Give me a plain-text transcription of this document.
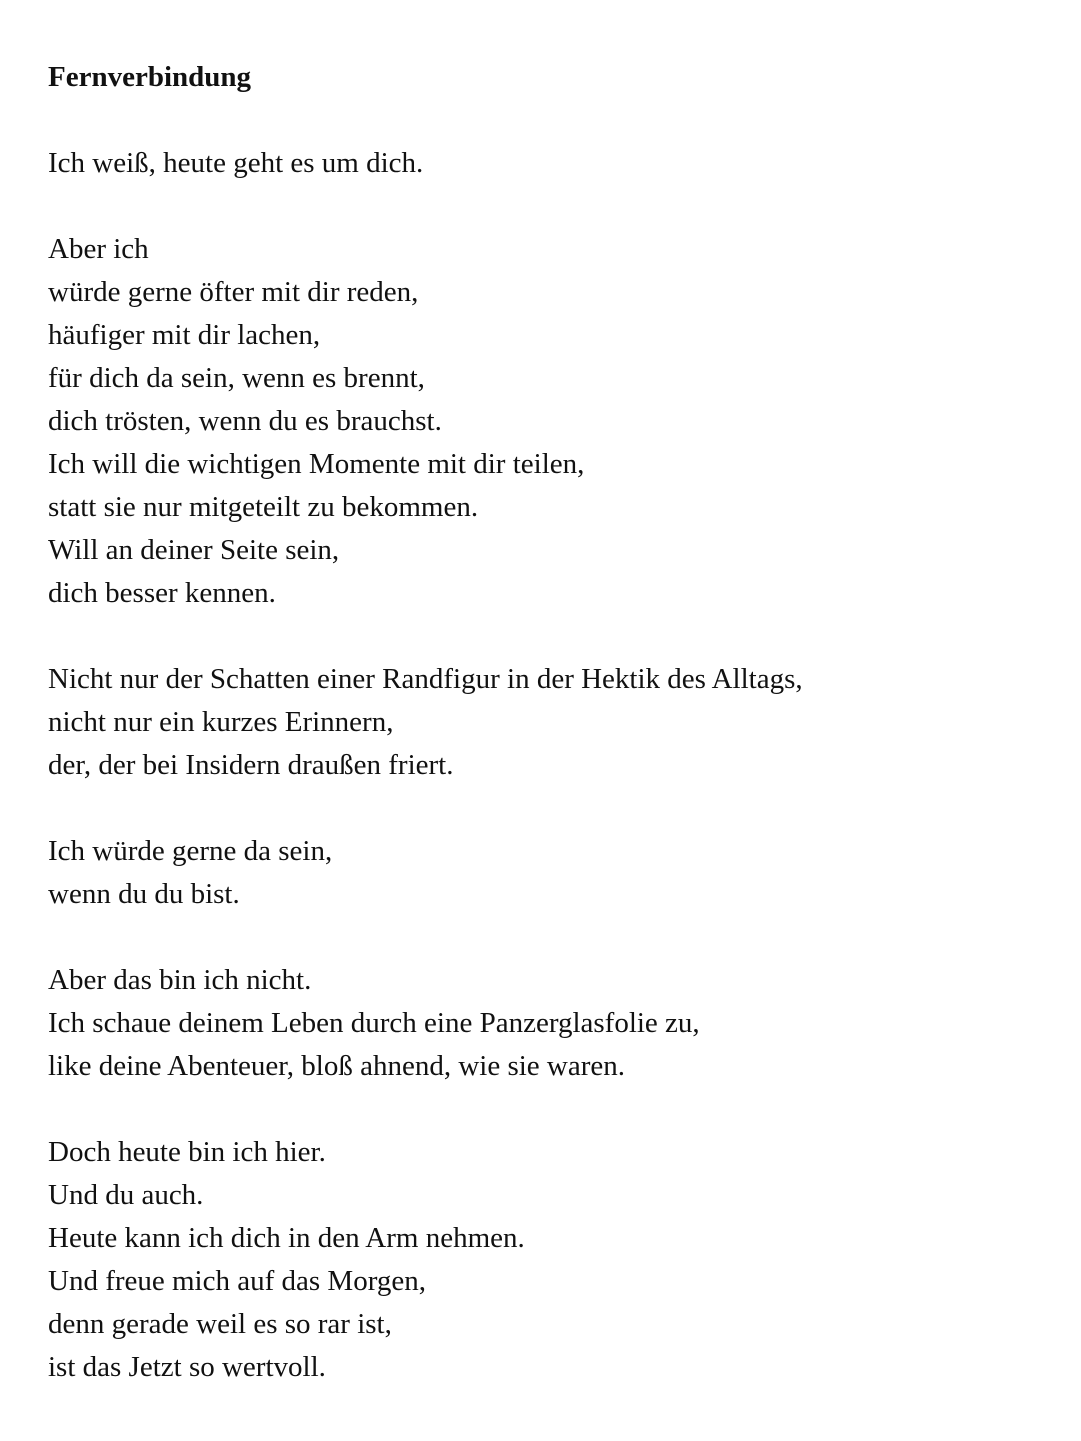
Fernverbindung
Ich weiß, heute geht es um dich.
Aber ich
würde gerne öfter mit dir reden,
häufiger mit dir lachen,
für dich da sein, wenn es brennt,
dich trösten, wenn du es brauchst.
Ich will die wichtigen Momente mit dir teilen,
statt sie nur mitgeteilt zu bekommen.
Will an deiner Seite sein,
dich besser kennen.
Nicht nur der Schatten einer Randfigur in der Hektik des Alltags,
nicht nur ein kurzes Erinnern,
der, der bei Insidern draußen friert.
Ich würde gerne da sein,
wenn du du bist.
Aber das bin ich nicht.
Ich schaue deinem Leben durch eine Panzerglasfolie zu,
like deine Abenteuer, bloß ahnend, wie sie waren.
Doch heute bin ich hier.
Und du auch.
Heute kann ich dich in den Arm nehmen.
Und freue mich auf das Morgen,
denn gerade weil es so rar ist,
ist das Jetzt so wertvoll.
